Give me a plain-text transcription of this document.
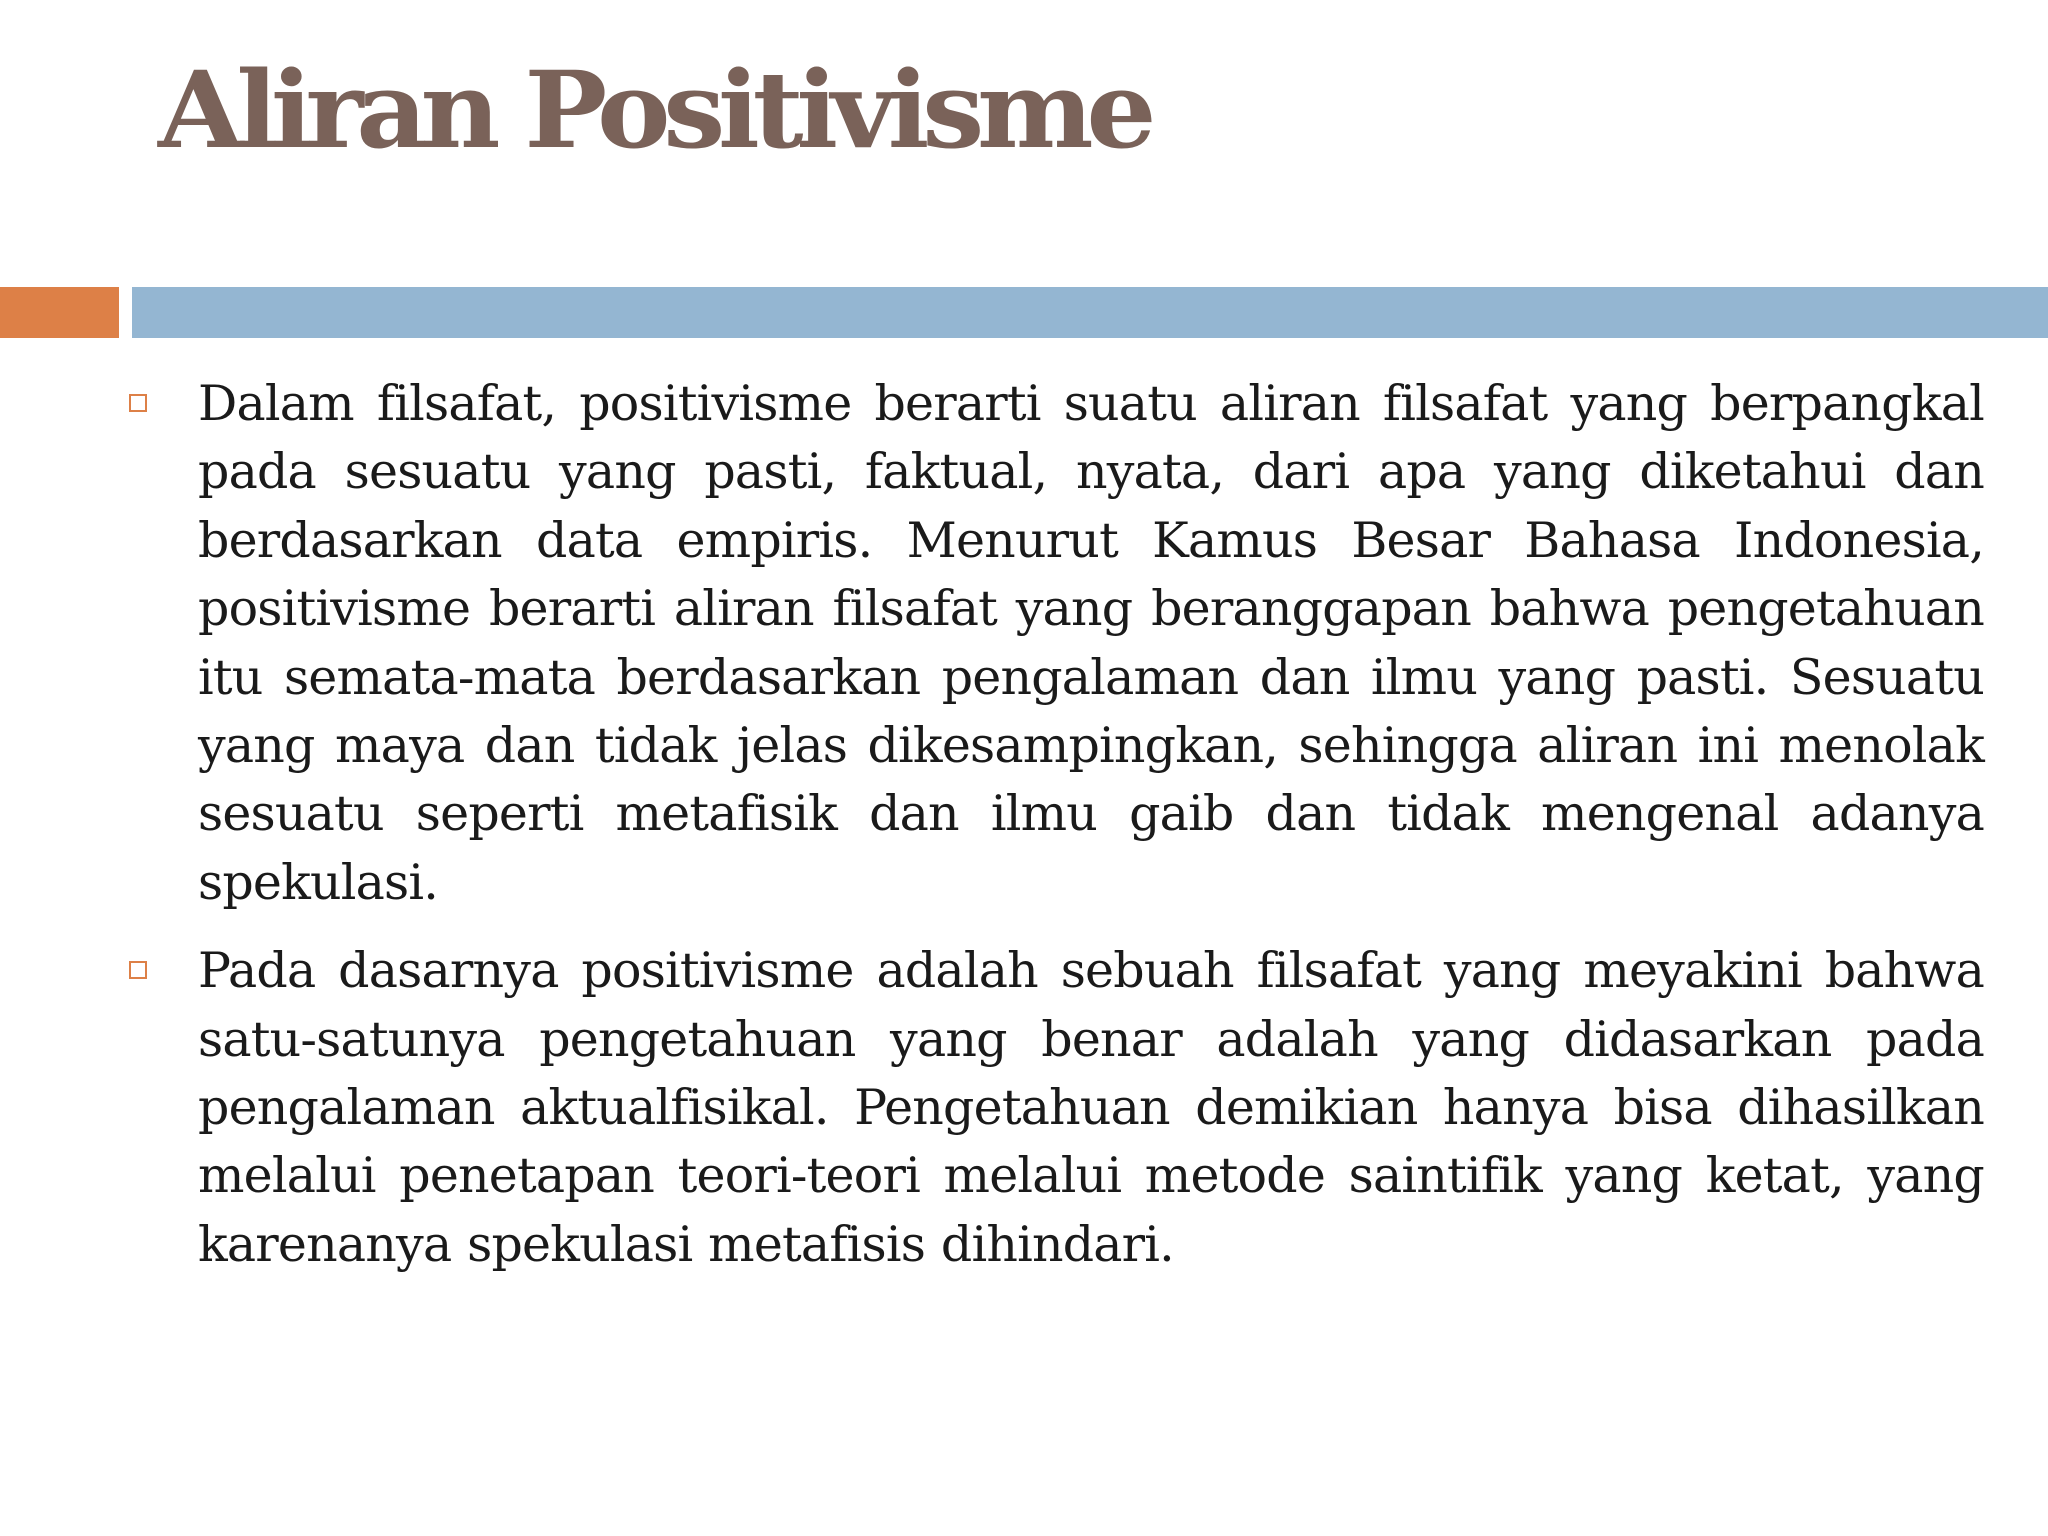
Aliran Positivisme
Dalam filsafat, positivisme berarti suatu aliran filsafat yang berpangkal pada sesuatu yang pasti, faktual, nyata, dari apa yang diketahui dan berdasarkan data empiris. Menurut Kamus Besar Bahasa Indonesia, positivisme berarti aliran filsafat yang beranggapan bahwa pengetahuan itu semata-mata berdasarkan pengalaman dan ilmu yang pasti. Sesuatu yang maya dan tidak jelas dikesampingkan, sehingga aliran ini menolak sesuatu seperti metafisik dan ilmu gaib dan tidak mengenal adanya spekulasi.
Pada dasarnya positivisme adalah sebuah filsafat yang meyakini bahwa satu-satunya pengetahuan yang benar adalah yang didasarkan pada pengalaman aktualfisikal. Pengetahuan demikian hanya bisa dihasilkan melalui penetapan teori-teori melalui metode saintifik yang ketat, yang karenanya spekulasi metafisis dihindari.
